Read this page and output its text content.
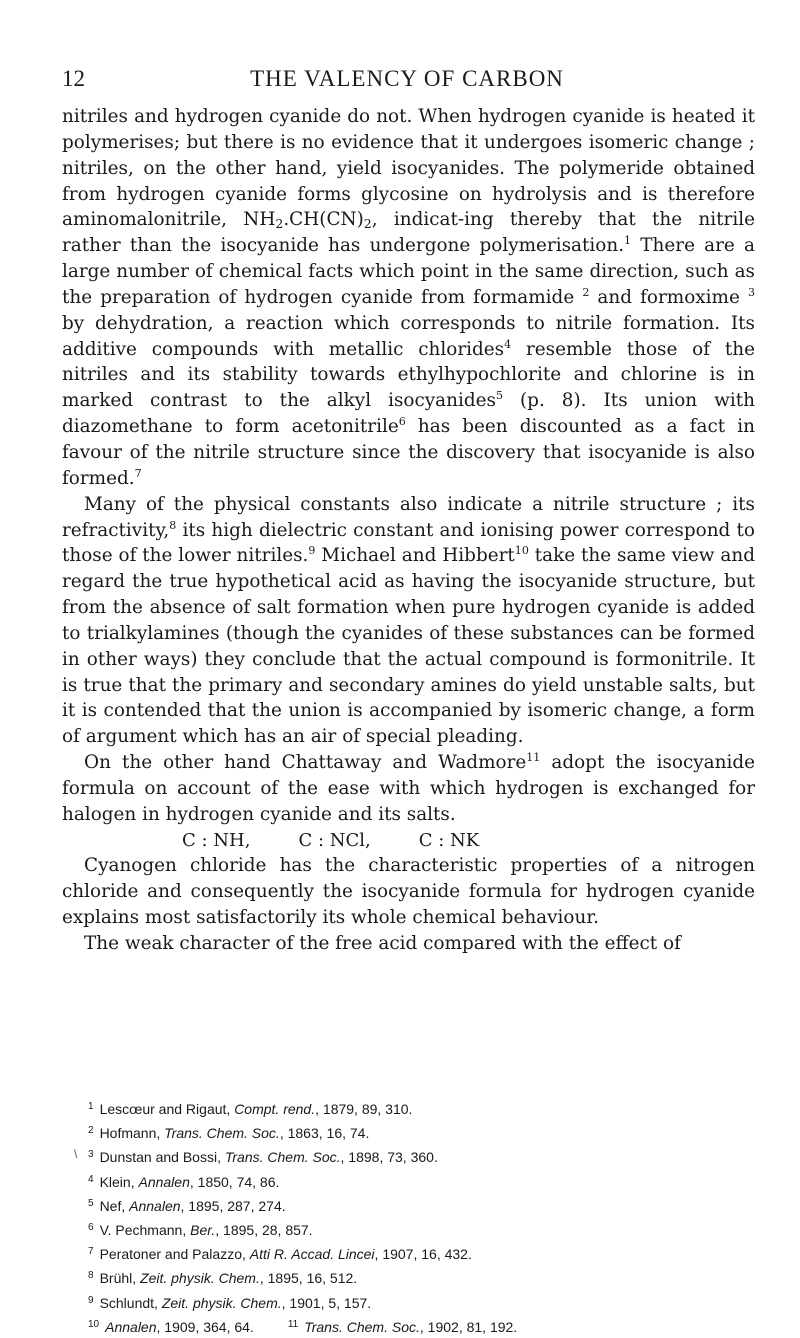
12	THE VALENCY OF CARBON

nitriles and hydrogen cyanide do not. When hydrogen cyanide is heated it polymerises; but there is no evidence that it undergoes isomeric change ; nitriles, on the other hand, yield isocyanides. The polymeride obtained from hydrogen cyanide forms glycosine on hydrolysis and is therefore aminomalonitrile, $NH_2.CH(CN)_2$, indicat-ing thereby that the nitrile rather than the isocyanide has undergone polymerisation.$^1$ There are a large number of chemical facts which point in the same direction, such as the preparation of hydrogen cyanide from formamide $^2$ and formoxime $^3$ by dehydration, a reaction which corresponds to nitrile formation. Its additive compounds with metallic chlorides$^4$ resemble those of the nitriles and its stability towards ethylhypochlorite and chlorine is in marked contrast to the alkyl isocyanides$^5$ (p. 8). Its union with diazomethane to form acetonitrile$^6$ has been discounted as a fact in favour of the nitrile structure since the discovery that isocyanide is also formed.$^7$

Many of the physical constants also indicate a nitrile structure ; its refractivity,$^8$ its high dielectric constant and ionising power correspond to those of the lower nitriles.$^9$ Michael and Hibbert$^{10}$ take the same view and regard the true hypothetical acid as having the isocyanide structure, but from the absence of salt formation when pure hydrogen cyanide is added to trialkylamines (though the cyanides of these substances can be formed in other ways) they conclude that the actual compound is formonitrile. It is true that the primary and secondary amines do yield unstable salts, but it is contended that the union is accompanied by isomeric change, a form of argument which has an air of special pleading.

On the other hand Chattaway and Wadmore$^{11}$ adopt the isocyanide formula on account of the ease with which hydrogen is exchanged for halogen in hydrogen cyanide and its salts.

C : NH,	C : NCl,	C : NK

Cyanogen chloride has the characteristic properties of a nitrogen chloride and consequently the isocyanide formula for hydrogen cyanide explains most satisfactorily its whole chemical behaviour.

The weak character of the free acid compared with the effect of

$^1$ Lescœur and Rigaut, Compt. rend., 1879, 89, 310.
$^2$ Hofmann, Trans. Chem. Soc., 1863, 16, 74.
\ $^3$ Dunstan and Bossi, Trans. Chem. Soc., 1898, 73, 360.
$^4$ Klein, Annalen, 1850, 74, 86.
$^5$ Nef, Annalen, 1895, 287, 274.
$^6$ V. Pechmann, Ber., 1895, 28, 857.
$^7$ Peratoner and Palazzo, Atti R. Accad. Lincei, 1907, 16, 432.
$^8$ Brühl, Zeit. physik. Chem., 1895, 16, 512.
$^9$ Schlundt, Zeit. physik. Chem., 1901, 5, 157.
$^{10}$ Annalen, 1909, 364, 64.	$^{11}$ Trans. Chem. Soc., 1902, 81, 192.
